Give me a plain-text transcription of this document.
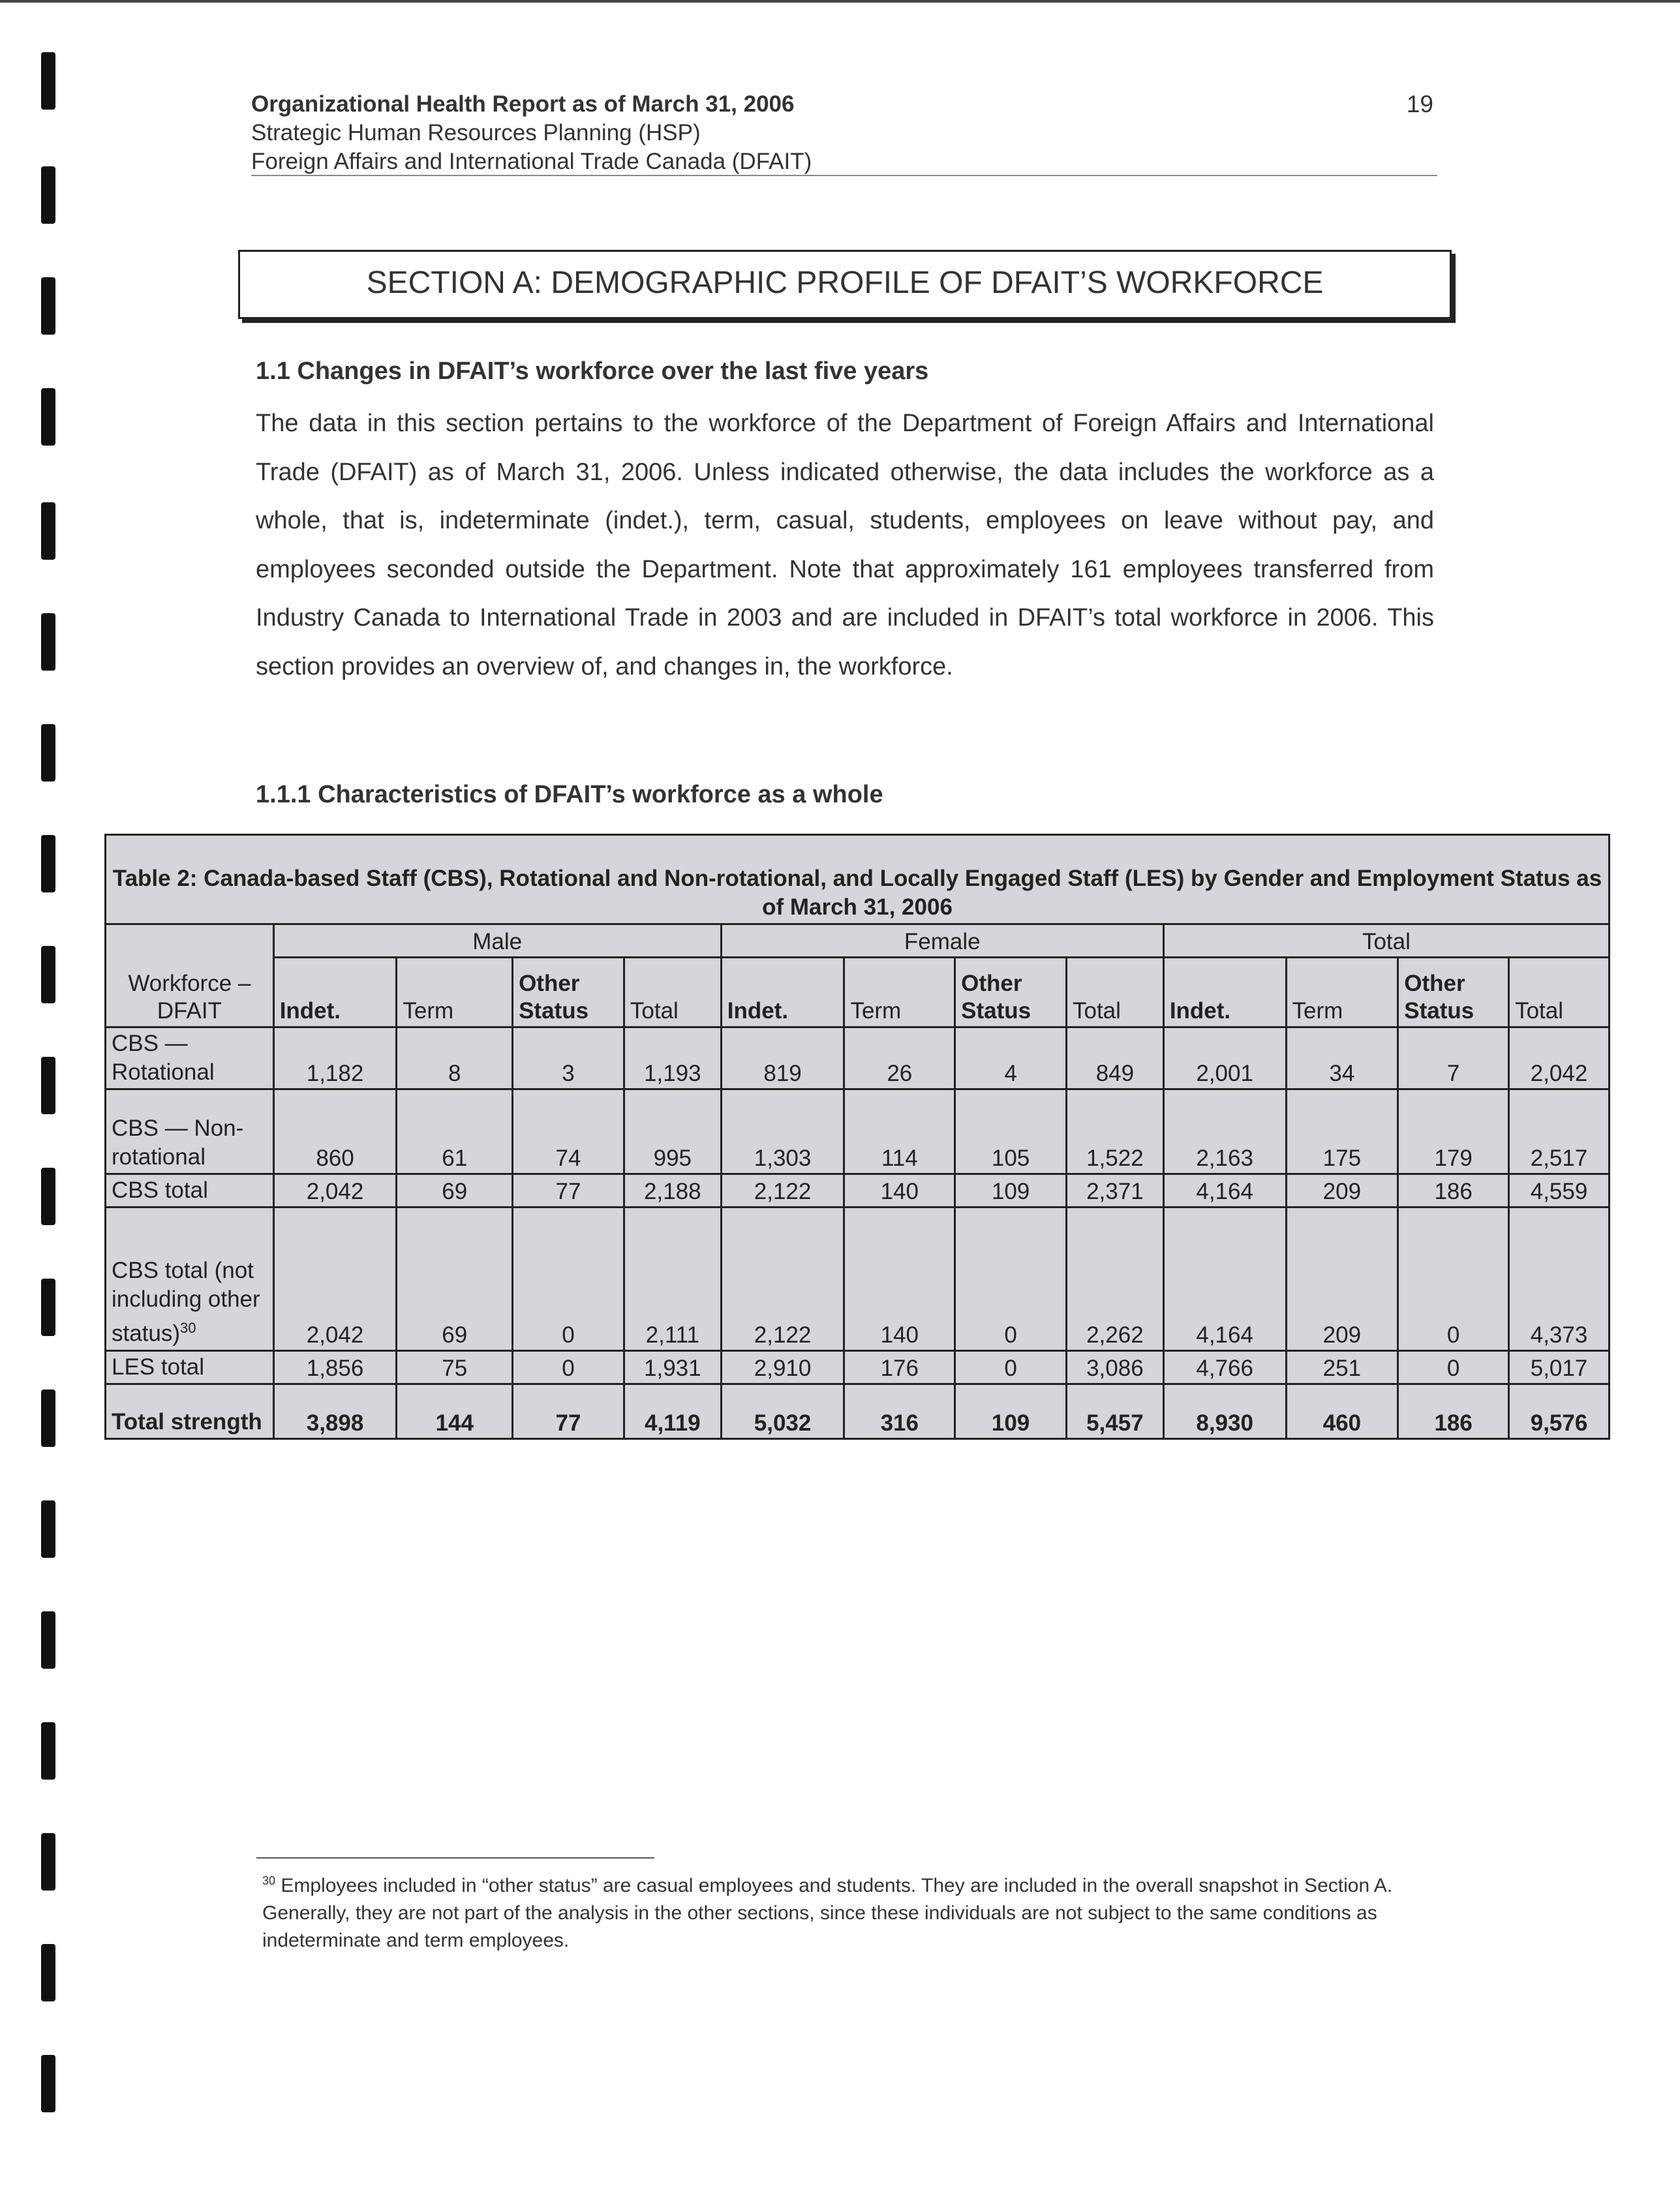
Organizational Health Report as of March 31, 2006
Strategic Human Resources Planning (HSP)
Foreign Affairs and International Trade Canada (DFAIT)
19
SECTION A: DEMOGRAPHIC PROFILE OF DFAIT’S WORKFORCE
1.1 Changes in DFAIT’s workforce over the last five years
The data in this section pertains to the workforce of the Department of Foreign Affairs and International Trade (DFAIT) as of March 31, 2006. Unless indicated otherwise, the data includes the workforce as a whole, that is, indeterminate (indet.), term, casual, students, employees on leave without pay, and employees seconded outside the Department. Note that approximately 161 employees transferred from Industry Canada to International Trade in 2003 and are included in DFAIT’s total workforce in 2006. This section provides an overview of, and changes in, the workforce.
1.1.1 Characteristics of DFAIT’s workforce as a whole
Table 2: Canada-based Staff (CBS), Rotational and Non-rotational, and Locally Engaged Staff (LES) by Gender and Employment Status as of March 31, 2006												
Workforce – DFAIT	Male				Female				Total			
	Indet.	Term	Other Status	Total	Indet.	Term	Other Status	Total	Indet.	Term	Other Status	Total
CBS — Rotational	1,182	8	3	1,193	819	26	4	849	2,001	34	7	2,042
CBS — Non-rotational	860	61	74	995	1,303	114	105	1,522	2,163	175	179	2,517
CBS total	2,042	69	77	2,188	2,122	140	109	2,371	4,164	209	186	4,559
CBS total (not including other status)$^{30}$	2,042	69	0	2,111	2,122	140	0	2,262	4,164	209	0	4,373
LES total	1,856	75	0	1,931	2,910	176	0	3,086	4,766	251	0	5,017
Total strength	3,898	144	77	4,119	5,032	316	109	5,457	8,930	460	186	9,576
$^{30}$ Employees included in “other status” are casual employees and students. They are included in the overall snapshot in Section A. Generally, they are not part of the analysis in the other sections, since these individuals are not subject to the same conditions as indeterminate and term employees.
